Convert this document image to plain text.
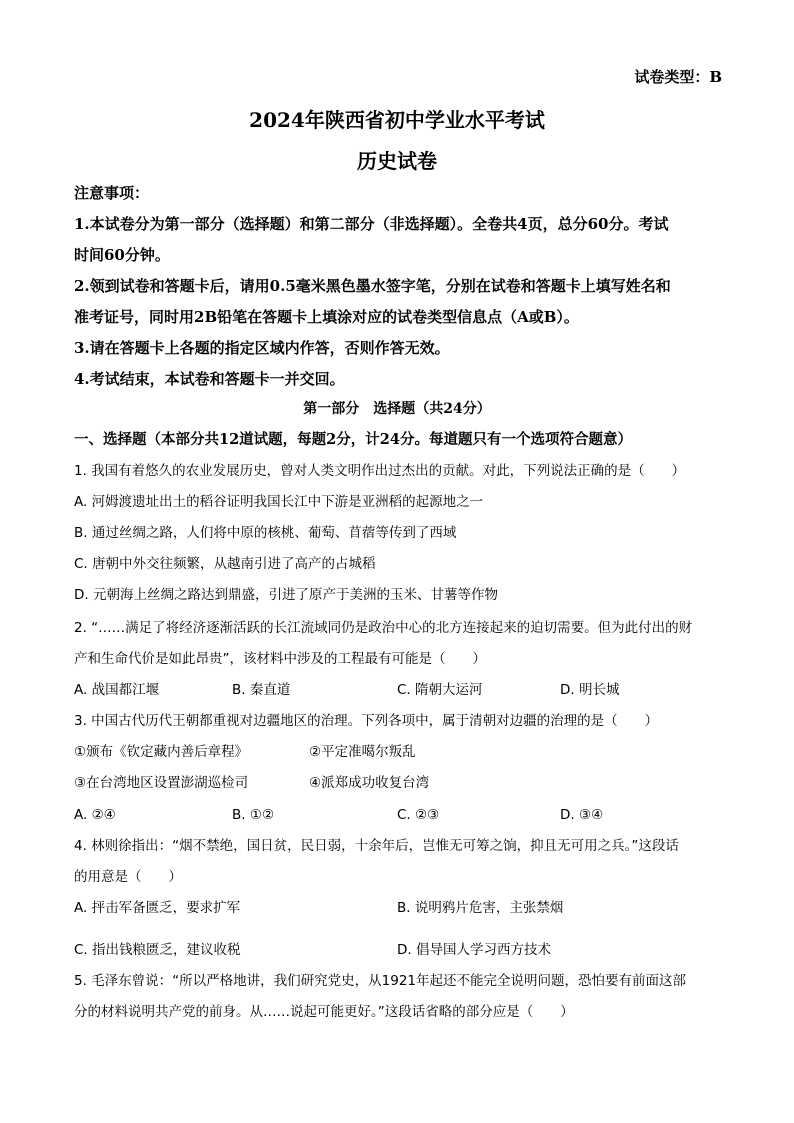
试卷类型：B
2024年陕西省初中学业水平考试
历史试卷

注意事项：

1.本试卷分为第一部分（选择题）和第二部分（非选择题）。全卷共4页，总分60分。考试

时间60分钟。

2.领到试卷和答题卡后，请用0.5毫米黑色墨水签字笔，分别在试卷和答题卡上填写姓名和

准考证号，同时用2B铅笔在答题卡上填涂对应的试卷类型信息点（A或B）。

3.请在答题卡上各题的指定区域内作答，否则作答无效。

4.考试结束，本试卷和答题卡一并交回。

第一部分　选择题（共24分）
一、选择题（本部分共12道试题，每题2分，计24分。每道题只有一个选项符合题意）

1. 我国有着悠久的农业发展历史，曾对人类文明作出过杰出的贡献。对此，下列说法正确的是（　　）

A. 河姆渡遗址出土的稻谷证明我国长江中下游是亚洲稻的起源地之一

B. 通过丝绸之路，人们将中原的核桃、葡萄、苜蓿等传到了西域

C. 唐朝中外交往频繁，从越南引进了高产的占城稻

D. 元朝海上丝绸之路达到鼎盛，引进了原产于美洲的玉米、甘薯等作物

2. “……满足了将经济逐渐活跃的长江流域同仍是政治中心的北方连接起来的迫切需要。但为此付出的财

产和生命代价是如此昂贵”，该材料中涉及的工程最有可能是（　　）

A. 战国都江堰	B. 秦直道	C. 隋朝大运河	D. 明长城

3. 中国古代历代王朝都重视对边疆地区的治理。下列各项中，属于清朝对边疆的治理的是（　　）

①颁布《钦定藏内善后章程》	②平定准噶尔叛乱
③在台湾地区设置澎湖巡检司	④派郑成功收复台湾
A. ②④	B. ①②	C. ②③	D. ③④

4. 林则徐指出：“烟不禁绝，国日贫，民日弱，十余年后，岂惟无可筹之饷，抑且无可用之兵。”这段话

的用意是（　　）

A. 抨击军备匮乏，要求扩军	B. 说明鸦片危害，主张禁烟
C. 指出钱粮匮乏，建议收税	D. 倡导国人学习西方技术

5. 毛泽东曾说：“所以严格地讲，我们研究党史，从1921年起还不能完全说明问题，恐怕要有前面这部

分的材料说明共产党的前身。从……说起可能更好。”这段话省略的部分应是（　　）
